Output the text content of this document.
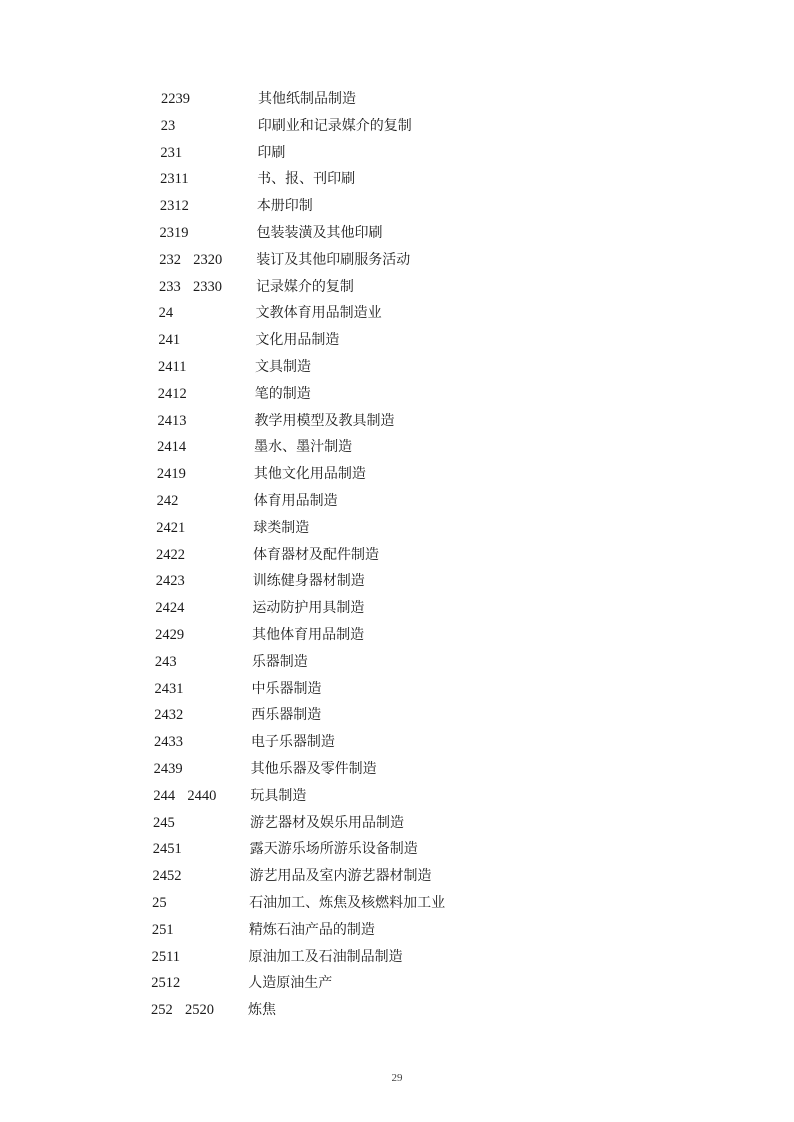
2239	其他纸制品制造
23	印刷业和记录媒介的复制
231	印刷
2311	书、报、刊印刷
2312	本册印制
2319	包装装潢及其他印刷
232 2320 装订及其他印刷服务活动
233 2330 记录媒介的复制
24	文教体育用品制造业
241	文化用品制造
2411	文具制造
2412	笔的制造
2413	教学用模型及教具制造
2414	墨水、墨汁制造
2419	其他文化用品制造
242	体育用品制造
2421	球类制造
2422	体育器材及配件制造
2423	训练健身器材制造
2424	运动防护用具制造
2429	其他体育用品制造
243	乐器制造
2431	中乐器制造
2432	西乐器制造
2433	电子乐器制造
2439	其他乐器及零件制造
244 2440 玩具制造
245	游艺器材及娱乐用品制造
2451	露天游乐场所游乐设备制造
2452	游艺用品及室内游艺器材制造
25	石油加工、炼焦及核燃料加工业
251	精炼石油产品的制造
2511	原油加工及石油制品制造
2512	人造原油生产
252 2520 炼焦
29
